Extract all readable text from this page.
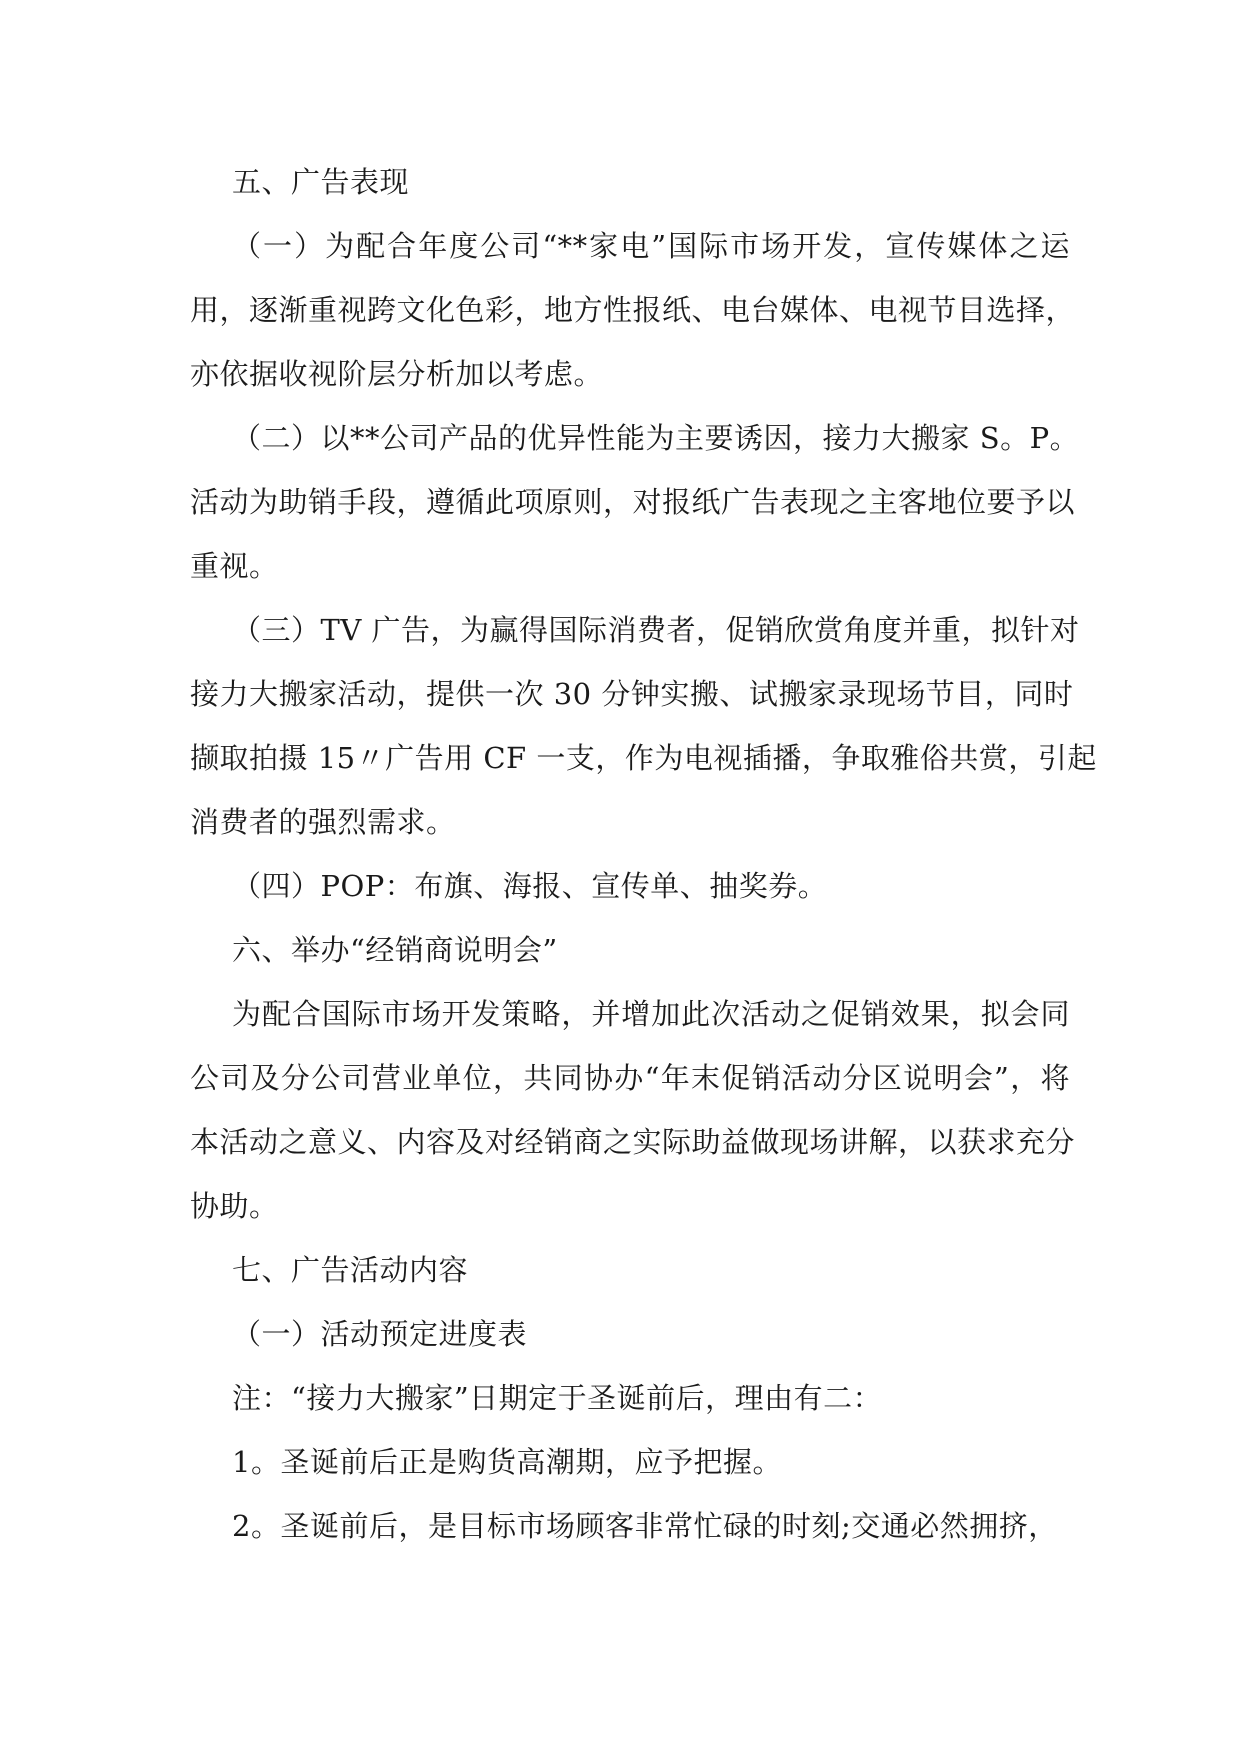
五、广告表现
（一）为配合年度公司“**家电”国际市场开发，宣传媒体之运
用，逐渐重视跨文化色彩，地方性报纸、电台媒体、电视节目选择，
亦依据收视阶层分析加以考虑。
（二）以**公司产品的优异性能为主要诱因，接力大搬家 S。P。
活动为助销手段，遵循此项原则，对报纸广告表现之主客地位要予以
重视。
（三）TV 广告，为赢得国际消费者，促销欣赏角度并重，拟针对
接力大搬家活动，提供一次 30 分钟实搬、试搬家录现场节目，同时
撷取拍摄 15〃广告用 CF 一支，作为电视插播，争取雅俗共赏，引起
消费者的强烈需求。
（四）POP：布旗、海报、宣传单、抽奖券。
六、举办“经销商说明会”
为配合国际市场开发策略，并增加此次活动之促销效果，拟会同
公司及分公司营业单位，共同协办“年末促销活动分区说明会”，将
本活动之意义、内容及对经销商之实际助益做现场讲解，以获求充分
协助。
七、广告活动内容
（一）活动预定进度表
注：“接力大搬家”日期定于圣诞前后，理由有二：
1。圣诞前后正是购货高潮期，应予把握。
2。圣诞前后，是目标市场顾客非常忙碌的时刻;交通必然拥挤，
